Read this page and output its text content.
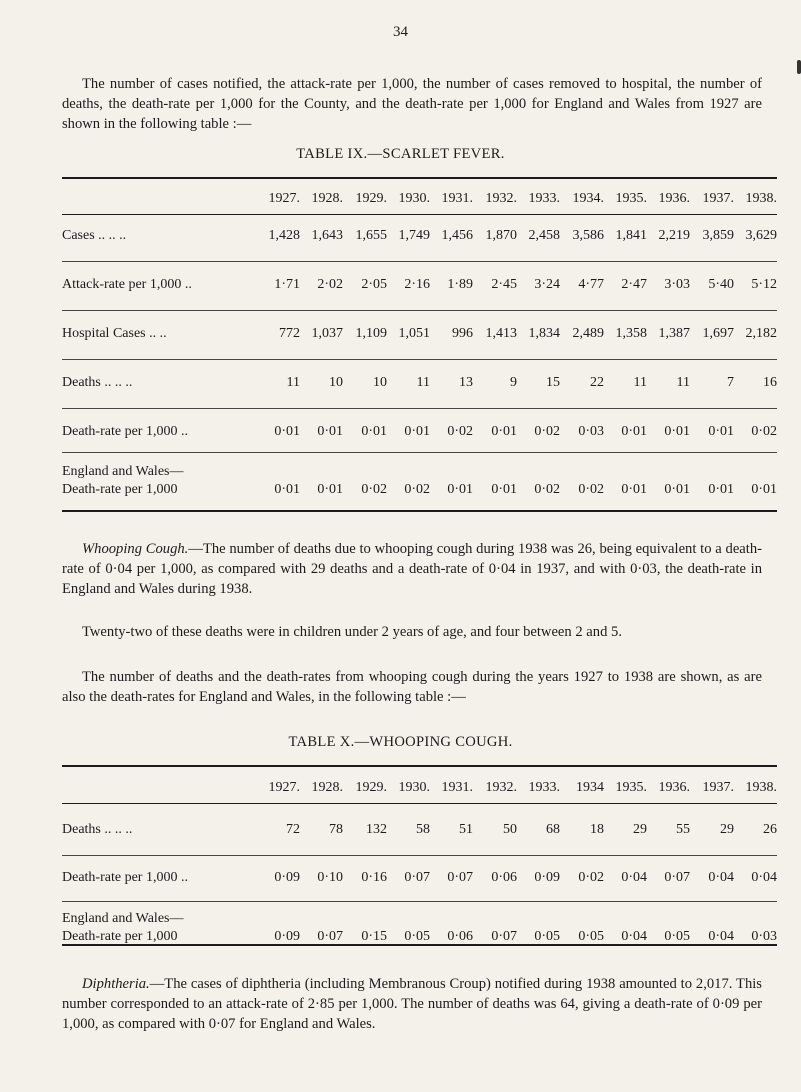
34

The number of cases notified, the attack-rate per 1,000, the number of cases removed to hospital, the number of deaths, the death-rate per 1,000 for the County, and the death-rate per 1,000 for England and Wales from 1927 are shown in the following table :—

TABLE IX.—SCARLET FEVER.
1927. 1928. 1929. 1930. 1931. 1932. 1933. 1934. 1935. 1936. 1937. 1938.
Cases .. .. ..	1,428 1,643 1,655 1,749 1,456 1,870 2,458 3,586 1,841 2,219 3,859 3,629
Attack-rate per 1,000 ..	1·71 2·02 2·05 2·16 1·89 2·45 3·24 4·77 2·47 3·03 5·40 5·12
Hospital Cases .. ..	772 1,037 1,109 1,051 996 1,413 1,834 2,489 1,358 1,387 1,697 2,182
Deaths .. .. ..	11 10 10 11 13	9 15 22 11 11	7 16
Death-rate per 1,000 ..	0·01 0·01 0·01 0·01 0·02 0·01 0·02 0·03 0·01 0·01 0·01 0·02
England and Wales—
Death-rate per 1,000	0·01 0·01 0·02 0·02 0·01 0·01 0·02 0·02 0·01 0·01 0·01 0·01

Whooping Cough.—The number of deaths due to whooping cough during 1938 was 26, being equivalent to a death-rate of 0·04 per 1,000, as compared with 29 deaths and a death-rate of 0·04 in 1937, and with 0·03, the death-rate in England and Wales during 1938.

Twenty-two of these deaths were in children under 2 years of age, and four between 2 and 5.

The number of deaths and the death-rates from whooping cough during the years 1927 to 1938 are shown, as are also the death-rates for England and Wales, in the following table :—

TABLE X.—WHOOPING COUGH.
1927. 1928. 1929. 1930. 1931. 1932. 1933. 1934 1935. 1936. 1937. 1938.
Deaths .. .. ..	72 78 132 58 51 50 68 18 29 55 29 26
Death-rate per 1,000 ..	0·09 0·10 0·16 0·07 0·07 0·06 0·09 0·02 0·04 0·07 0·04 0·04
England and Wales—
Death-rate per 1,000	0·09 0·07 0·15 0·05 0·06 0·07 0·05 0·05 0·04 0·05 0·04 0·03

Diphtheria.—The cases of diphtheria (including Membranous Croup) notified during 1938 amounted to 2,017. This number corresponded to an attack-rate of 2·85 per 1,000. The number of deaths was 64, giving a death-rate of 0·09 per 1,000, as compared with 0·07 for England and Wales.
